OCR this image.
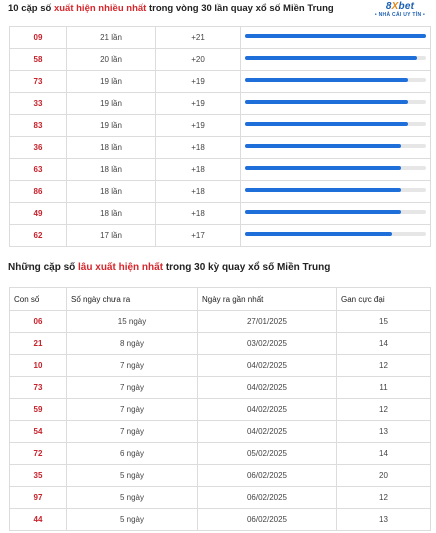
10 cặp số xuất hiện nhiều nhất trong vòng 30 lần quay xổ số Miền Trung	8Xbet
• NHÀ CÁI UY TÍN •
09	21 lần	+21	

58	20 lần	+20	

73	19 lần	+19	

33	19 lần	+19	

83	19 lần	+19	

36	18 lần	+18	

63	18 lần	+18	

86	18 lần	+18	

49	18 lần	+18	

62	17 lần	+17	
Những cặp số lâu xuất hiện nhất trong 30 kỳ quay xổ số Miền Trung
Con số	Số ngày chưa ra	Ngày ra gần nhất	Gan cực đại
06	15 ngày	27/01/2025	15
21	8 ngày	03/02/2025	14
10	7 ngày	04/02/2025	12
73	7 ngày	04/02/2025	11
59	7 ngày	04/02/2025	12
54	7 ngày	04/02/2025	13
72	6 ngày	05/02/2025	14
35	5 ngày	06/02/2025	20
97	5 ngày	06/02/2025	12
44	5 ngày	06/02/2025	13
